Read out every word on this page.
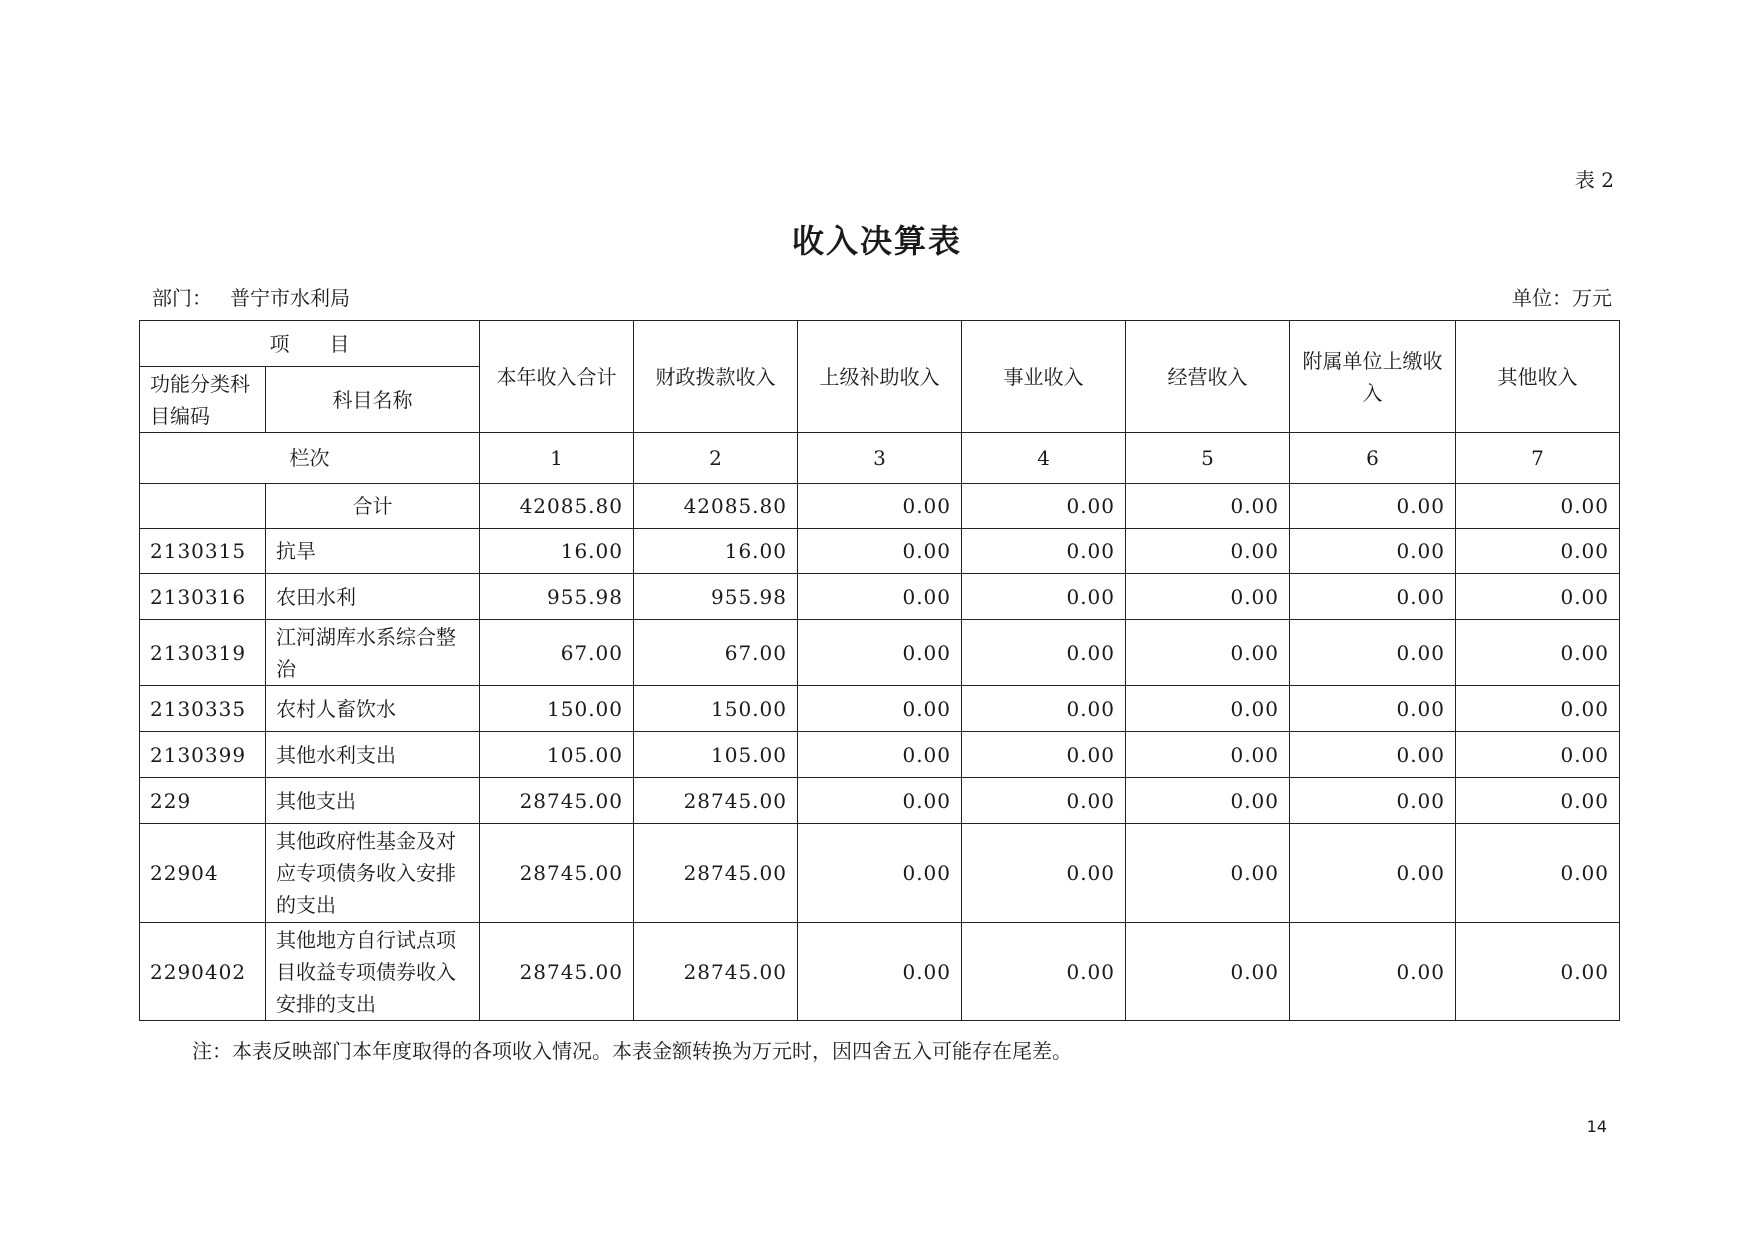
表 2
收入决算表
部门： 普宁市水利局	单位：万元
项　　目		本年收入合计	财政拨款收入	上级补助收入	事业收入	经营收入	附属单位上缴收入	其他收入
功能分类科目编码	科目名称							
栏次		1	2	3	4	5	6	7
	合计	42085.80	42085.80	0.00	0.00	0.00	0.00	0.00
2130315	抗旱	16.00	16.00	0.00	0.00	0.00	0.00	0.00
2130316	农田水利	955.98	955.98	0.00	0.00	0.00	0.00	0.00
2130319	江河湖库水系综合整治	67.00	67.00	0.00	0.00	0.00	0.00	0.00
2130335	农村人畜饮水	150.00	150.00	0.00	0.00	0.00	0.00	0.00
2130399	其他水利支出	105.00	105.00	0.00	0.00	0.00	0.00	0.00
229	其他支出	28745.00	28745.00	0.00	0.00	0.00	0.00	0.00
22904	其他政府性基金及对应专项债务收入安排的支出	28745.00	28745.00	0.00	0.00	0.00	0.00	0.00
2290402	其他地方自行试点项目收益专项债券收入安排的支出	28745.00	28745.00	0.00	0.00	0.00	0.00	0.00
注：本表反映部门本年度取得的各项收入情况。本表金额转换为万元时，因四舍五入可能存在尾差。
14
